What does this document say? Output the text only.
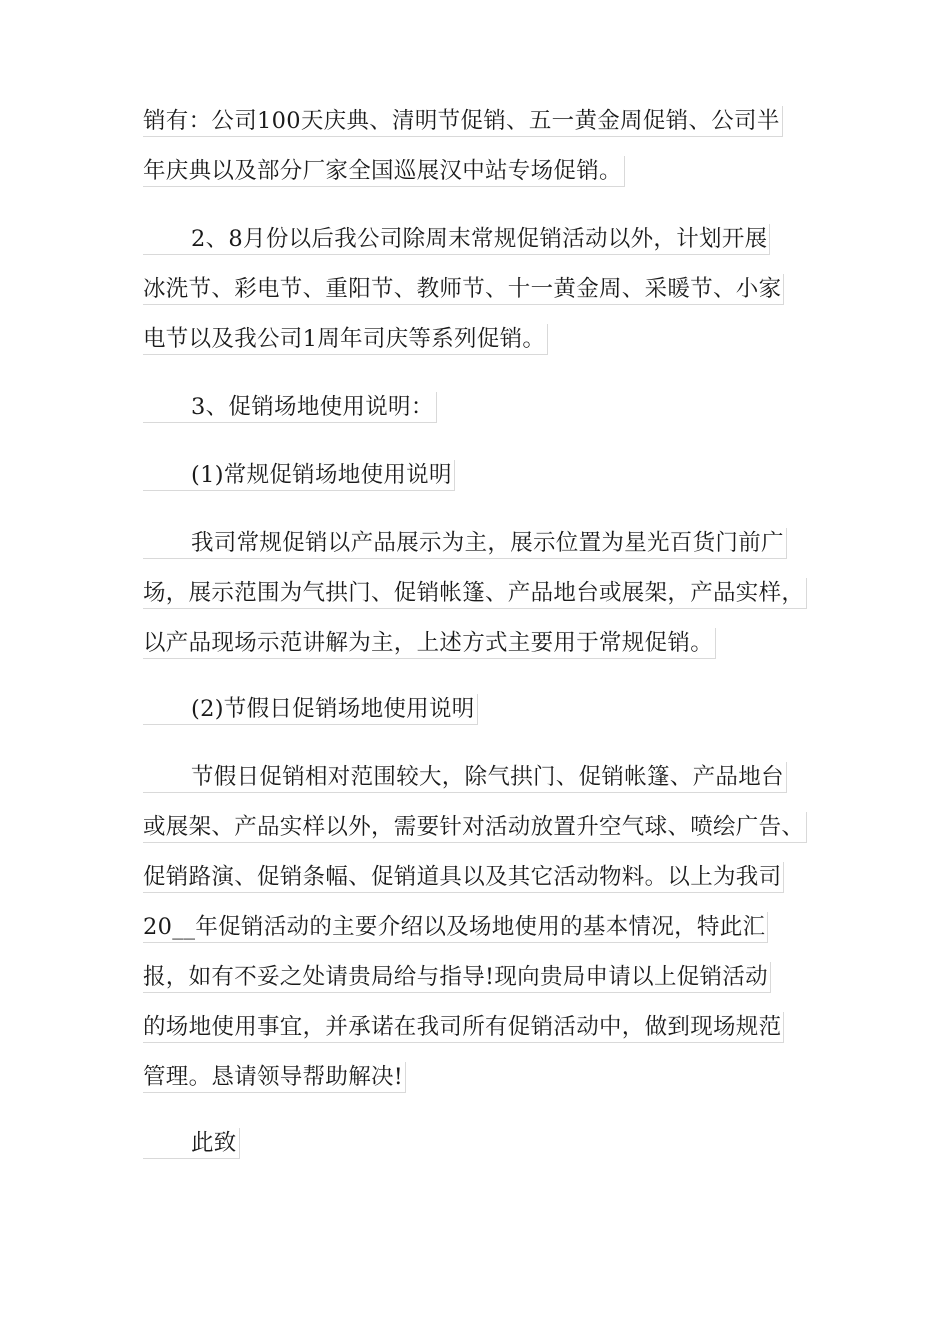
销有：公司100天庆典、清明节促销、五一黄金周促销、公司半
年庆典以及部分厂家全国巡展汉中站专场促销。
2、8月份以后我公司除周末常规促销活动以外，计划开展
冰洗节、彩电节、重阳节、教师节、十一黄金周、采暖节、小家
电节以及我公司1周年司庆等系列促销。
3、促销场地使用说明：
(1)常规促销场地使用说明
我司常规促销以产品展示为主，展示位置为星光百货门前广
场，展示范围为气拱门、促销帐篷、产品地台或展架，产品实样，
以产品现场示范讲解为主，上述方式主要用于常规促销。
(2)节假日促销场地使用说明
节假日促销相对范围较大，除气拱门、促销帐篷、产品地台
或展架、产品实样以外，需要针对活动放置升空气球、喷绘广告、
促销路演、促销条幅、促销道具以及其它活动物料。以上为我司
20__年促销活动的主要介绍以及场地使用的基本情况，特此汇
报，如有不妥之处请贵局给与指导!现向贵局申请以上促销活动
的场地使用事宜，并承诺在我司所有促销活动中，做到现场规范
管理。恳请领导帮助解决!
此致
